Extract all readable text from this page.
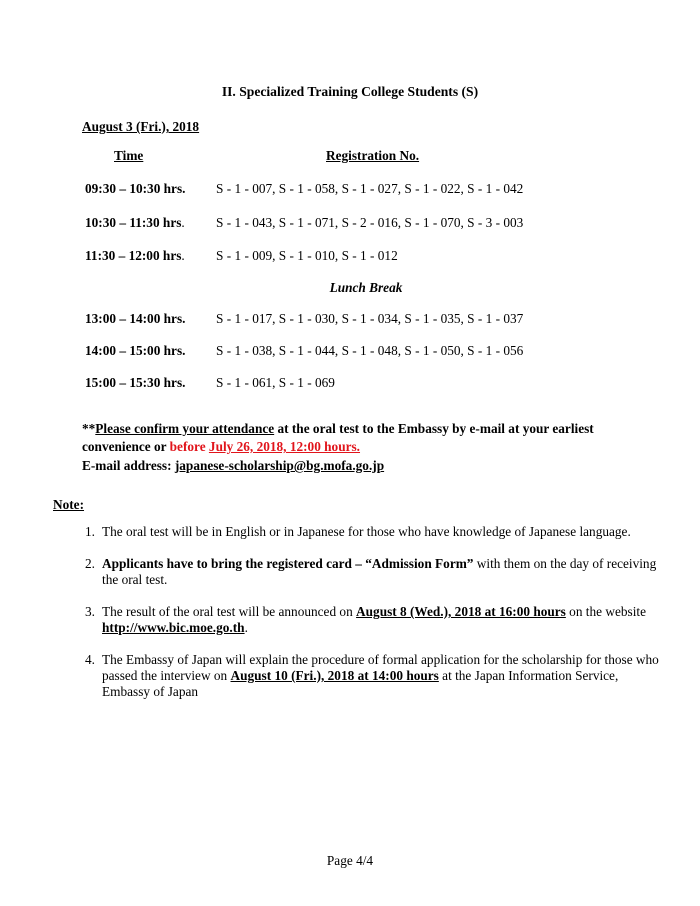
II. Specialized Training College Students (S)
August 3 (Fri.), 2018
Time	Registration No.
09:30 – 10:30 hrs. S - 1 - 007, S - 1 - 058, S - 1 - 027, S - 1 - 022, S - 1 - 042
10:30 – 11:30 hrs. S - 1 - 043, S - 1 - 071, S - 2 - 016, S - 1 - 070, S - 3 - 003
11:30 – 12:00 hrs. S - 1 - 009, S - 1 - 010, S - 1 - 012
Lunch Break
13:00 – 14:00 hrs. S - 1 - 017, S - 1 - 030, S - 1 - 034, S - 1 - 035, S - 1 - 037
14:00 – 15:00 hrs. S - 1 - 038, S - 1 - 044, S - 1 - 048, S - 1 - 050, S - 1 - 056
15:00 – 15:30 hrs. S - 1 - 061, S - 1 - 069
**Please confirm your attendance at the oral test to the Embassy by e-mail at your earliest convenience or before July 26, 2018, 12:00 hours.
E-mail address: japanese-scholarship@bg.mofa.go.jp
Note:
1. The oral test will be in English or in Japanese for those who have knowledge of Japanese language.
2. Applicants have to bring the registered card – “Admission Form” with them on the day of receiving the oral test.
3. The result of the oral test will be announced on August 8 (Wed.), 2018 at 16:00 hours on the website http://www.bic.moe.go.th.
4. The Embassy of Japan will explain the procedure of formal application for the scholarship for those who passed the interview on August 10 (Fri.), 2018 at 14:00 hours at the Japan Information Service, Embassy of Japan
Page 4/4
